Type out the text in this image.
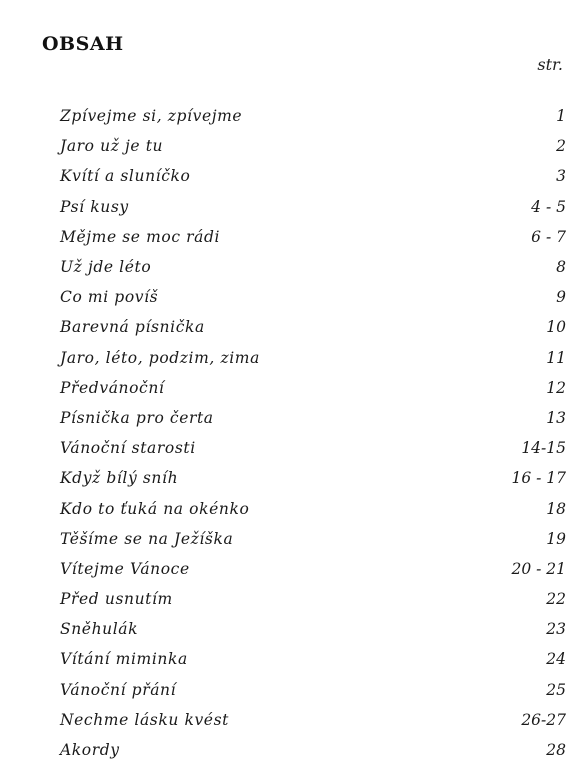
OBSAH
str.
Zpívejme si, zpívejme	1
Jaro už je tu	2
Kvítí a sluníčko	3
Psí kusy	4 - 5
Mějme se moc rádi	6 - 7
Už jde léto	8
Co mi povíš	9
Barevná písnička	10
Jaro, léto, podzim, zima	11
Předvánoční	12
Písnička pro čerta	13
Vánoční starosti	14-15
Když bílý sníh	16 - 17
Kdo to ťuká na okénko	18
Těšíme se na Ježíška	19
Vítejme Vánoce	20 - 21
Před usnutím	22
Sněhulák	23
Vítání miminka	24
Vánoční přání	25
Nechme lásku kvést	26-27
Akordy	28
